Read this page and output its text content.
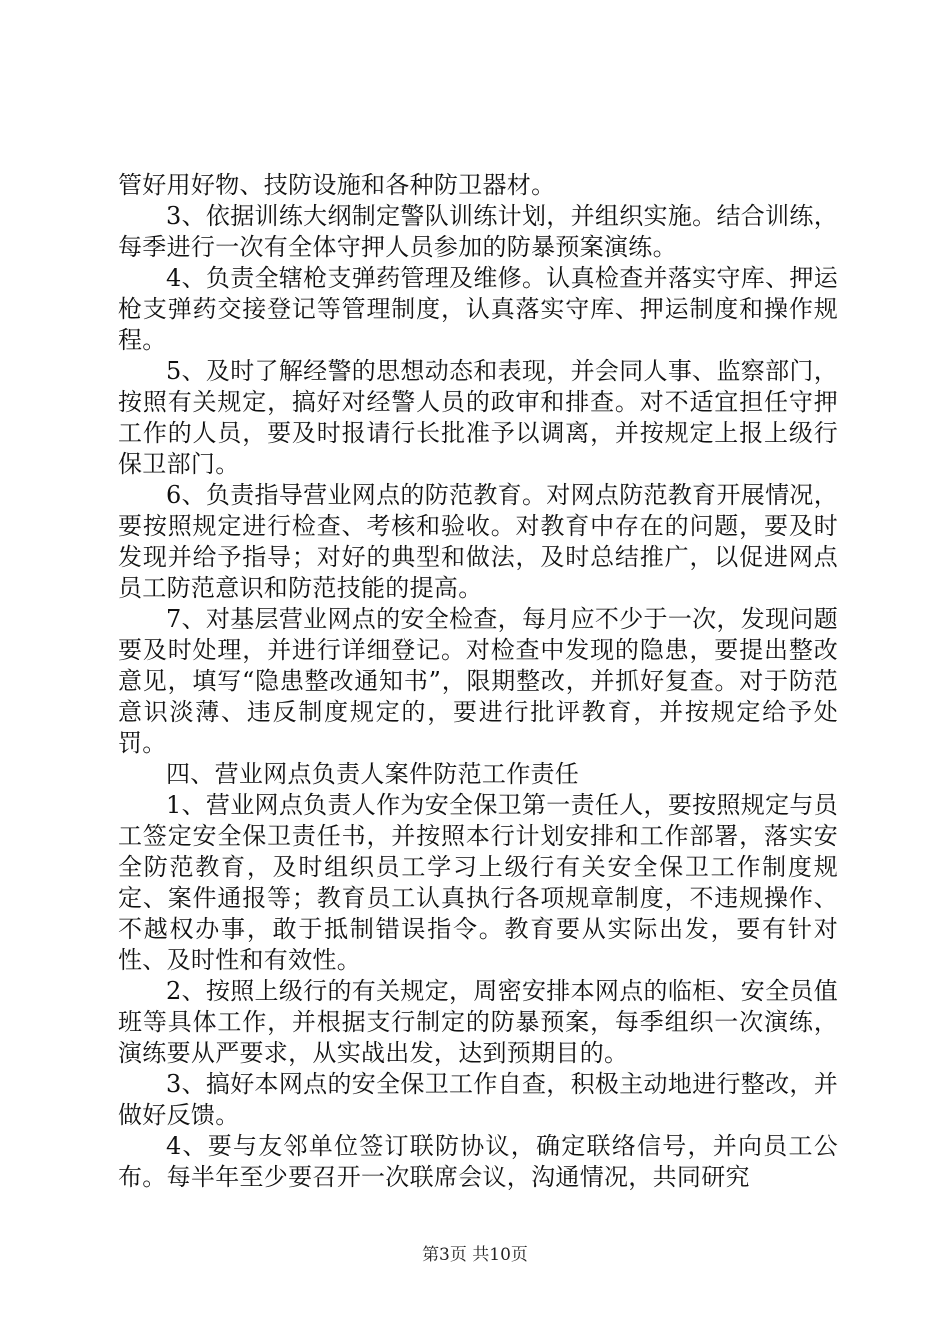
管好用好物、技防设施和各种防卫器材。

3、依据训练大纲制定警队训练计划，并组织实施。结合训练，每季进行一次有全体守押人员参加的防暴预案演练。

4、负责全辖枪支弹药管理及维修。认真检查并落实守库、押运枪支弹药交接登记等管理制度，认真落实守库、押运制度和操作规程。

5、及时了解经警的思想动态和表现，并会同人事、监察部门，按照有关规定，搞好对经警人员的政审和排查。对不适宜担任守押工作的人员，要及时报请行长批准予以调离，并按规定上报上级行保卫部门。

6、负责指导营业网点的防范教育。对网点防范教育开展情况，要按照规定进行检查、考核和验收。对教育中存在的问题，要及时发现并给予指导；对好的典型和做法，及时总结推广，以促进网点员工防范意识和防范技能的提高。

7、对基层营业网点的安全检查，每月应不少于一次，发现问题要及时处理，并进行详细登记。对检查中发现的隐患，要提出整改意见，填写“隐患整改通知书”，限期整改，并抓好复查。对于防范意识淡薄、违反制度规定的，要进行批评教育，并按规定给予处罚。

四、营业网点负责人案件防范工作责任

1、营业网点负责人作为安全保卫第一责任人，要按照规定与员工签定安全保卫责任书，并按照本行计划安排和工作部署，落实安全防范教育，及时组织员工学习上级行有关安全保卫工作制度规定、案件通报等；教育员工认真执行各项规章制度，不违规操作、不越权办事，敢于抵制错误指令。教育要从实际出发，要有针对性、及时性和有效性。

2、按照上级行的有关规定，周密安排本网点的临柜、安全员值班等具体工作，并根据支行制定的防暴预案，每季组织一次演练，演练要从严要求，从实战出发，达到预期目的。

3、搞好本网点的安全保卫工作自查，积极主动地进行整改，并做好反馈。

4、要与友邻单位签订联防协议，确定联络信号，并向员工公布。每半年至少要召开一次联席会议，沟通情况，共同研究

第3页 共10页
